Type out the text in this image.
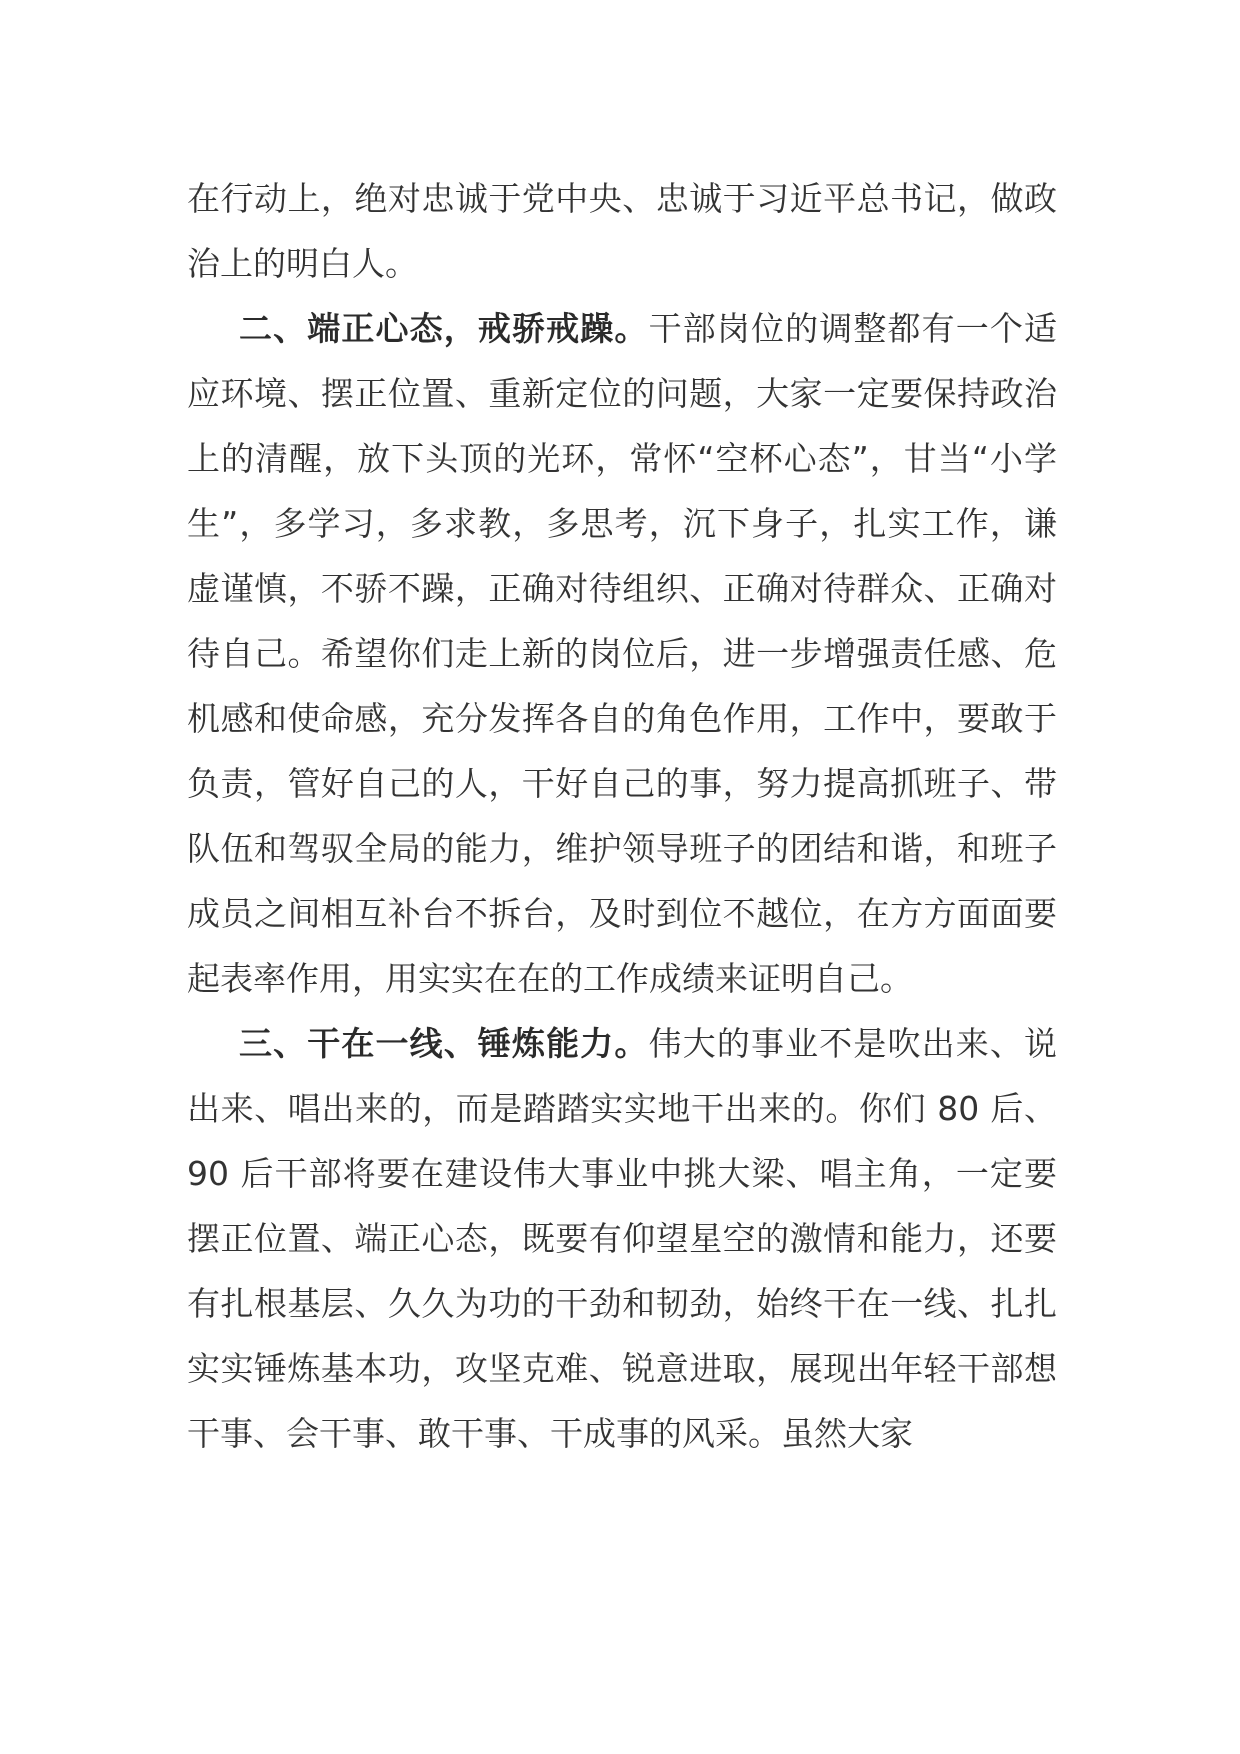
在行动上，绝对忠诚于党中央、忠诚于习近平总书记，做政治上的明白人。

二、端正心态，戒骄戒躁。干部岗位的调整都有一个适应环境、摆正位置、重新定位的问题，大家一定要保持政治上的清醒，放下头顶的光环，常怀“空杯心态”，甘当“小学生”，多学习，多求教，多思考，沉下身子，扎实工作，谦虚谨慎，不骄不躁，正确对待组织、正确对待群众、正确对待自己。希望你们走上新的岗位后，进一步增强责任感、危机感和使命感，充分发挥各自的角色作用，工作中，要敢于负责，管好自己的人，干好自己的事，努力提高抓班子、带队伍和驾驭全局的能力，维护领导班子的团结和谐，和班子成员之间相互补台不拆台，及时到位不越位，在方方面面要起表率作用，用实实在在的工作成绩来证明自己。

三、干在一线、锤炼能力。伟大的事业不是吹出来、说出来、唱出来的，而是踏踏实实地干出来的。你们 80 后、90 后干部将要在建设伟大事业中挑大梁、唱主角，一定要摆正位置、端正心态，既要有仰望星空的激情和能力，还要有扎根基层、久久为功的干劲和韧劲，始终干在一线、扎扎实实锤炼基本功，攻坚克难、锐意进取，展现出年轻干部想干事、会干事、敢干事、干成事的风采。虽然大家
